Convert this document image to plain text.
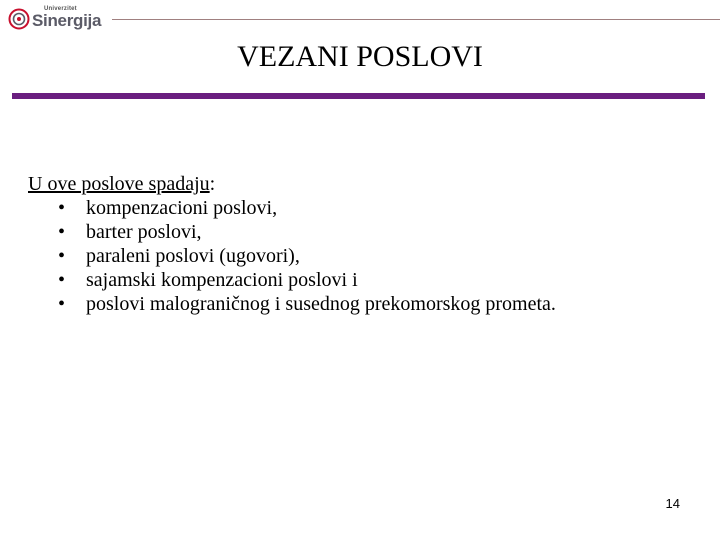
Univerzitet
Sinergija
VEZANI POSLOVI

U ove poslove spadaju:

•	kompenzacioni poslovi,
•	barter poslovi,
•	paraleni poslovi (ugovori),
•	sajamski kompenzacioni poslovi i
•	poslovi malograničnog i susednog prekomorskog prometa.
14
